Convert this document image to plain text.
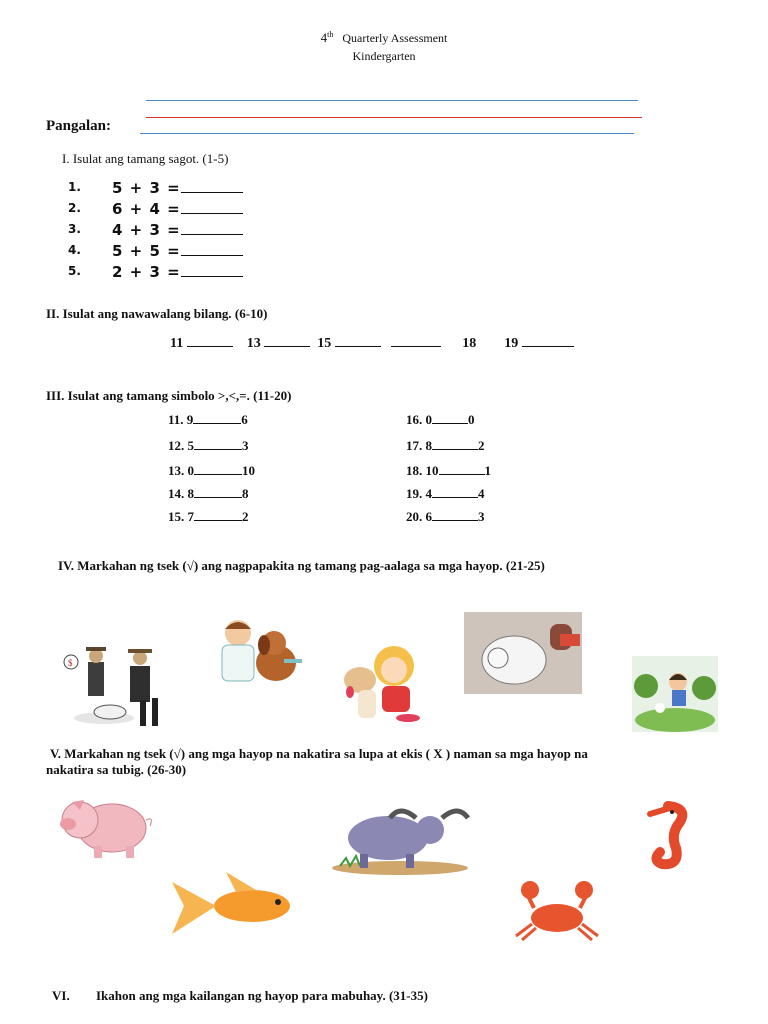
4th Quarterly Assessment
Kindergarten
Pangalan:
I. Isulat ang tamang sagot. (1-5)
1. 5 + 3 =
2. 6 + 4 =
3. 4 + 3 =
4. 5 + 5 =
5. 2 + 3 =
II. Isulat ang nawawalang bilang. (6-10)
11	13	15	18 19
III. Isulat ang tamang simbolo >,<,=. (11-20)
11. 9	6
12. 5	3
13. 0	10
14. 8	8
15. 7	2
16. 0	0
17. 8	2
18. 10	1
19. 4	4
20. 6	3
IV. Markahan ng tsek (√) ang nagpapakita ng tamang pag-aalaga sa mga hayop. (21-25)
$
V. Markahan ng tsek (√) ang mga hayop na nakatira sa lupa at ekis ( X ) naman sa mga hayop na
nakatira sa tubig. (26-30)
VI. Ikahon ang mga kailangan ng hayop para mabuhay. (31-35)
